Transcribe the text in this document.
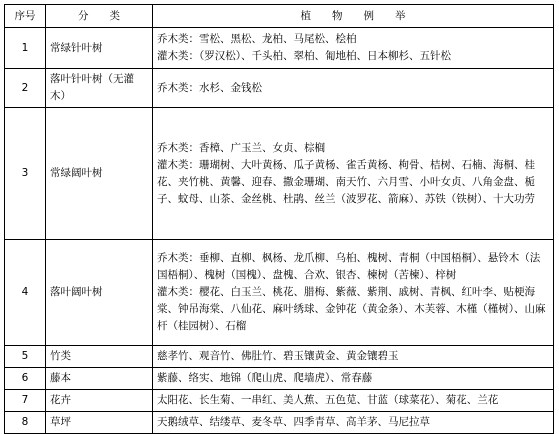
序号	分　　类	植　　物　　例　　举
1	常绿针叶树	乔木类：雪松、黑松、龙柏、马尾松、桧柏
灌木类：（罗汉松）、千头柏、翠柏、匍地柏、日本柳杉、五针松

2	落叶针叶树（无灌木）	乔木类：水杉、金钱松

3	常绿阔叶树	乔木类：香樟、广玉兰、女贞、棕榈
灌木类：珊瑚树、大叶黄杨、瓜子黄杨、雀舌黄杨、枸骨、桔树、石楠、海桐、桂花、夹竹桃、黄馨、迎春、撒金珊瑚、南天竹、六月雪、小叶女贞、八角金盘、栀子、蚊母、山茶、金丝桃、杜鹃、丝兰（波罗花、箭麻）、苏铁（铁树）、十大功劳

4	落叶阔叶树	乔木类：垂柳、直柳、枫杨、龙爪柳、乌桕、槐树、青桐（中国梧桐）、悬铃木（法国梧桐）、槐树（国槐）、盘槐、合欢、银杏、楝树（苦楝）、梓树
灌木类：樱花、白玉兰、桃花、腊梅、紫薇、紫荆、戚树、青枫、红叶李、贴梗海棠、钟吊海棠、八仙花、麻叶绣球、金钟花（黄金条）、木芙蓉、木槿（槿树）、山麻杆（桂园树）、石榴

5	竹类	慈孝竹、观音竹、佛肚竹、碧玉镶黄金、黄金镶碧玉

6	藤本	紫藤、络实、地锦（爬山虎、爬墙虎）、常春藤

7	花卉	太阳花、长生菊、一串红、美人蕉、五色苋、甘蓝（球菜花）、菊花、兰花

8	草坪	天鹅绒草、结缕草、麦冬草、四季青草、高羊茅、马尼拉草
